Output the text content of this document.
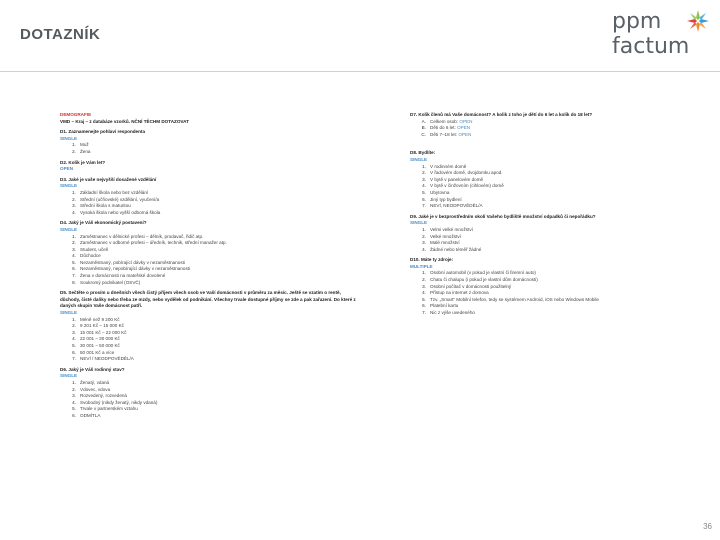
DOTAZNÍK
ppm
factum
DEMOGRAFIE
VMD – Kraj – z databáze vzorků. NČNÍ TĚCHM DOTAZOVAT
D1. Zaznamenejte pohlaví respondenta
SINGLE
1. Muž
2. Žena
D2. Kolik je Vám let?
OPEN
D3. Jaké je vaše nejvyšší dosažené vzdělání
SINGLE
1. Základní škola nebo bez vzdělání
2. Střední (učňovské) vzdělání, vyučení/a
3. Střední škola s maturitou
4. Vysoká škola nebo vyšší odborná škola
D4. Jaký je Váš ekonomický postavení?
SINGLE
1. Zaměstnanec v dělnické profesi – dělník, prodavač, řidič atp.
2. Zaměstnanec v odborné profesi – úředník, technik, střední manažer atp.
3. Student, učeň
4. Důchodce
5. Nezaměstnaný, pobírající dávky v nezaměstnanosti
6. Nezaměstnaný, nepobírající dávky v nezaměstnanosti
7. Žena v domácnosti na mateřské dovolené
8. Soukromý podnikatel (OSVČ)
D5. Sečtěte o prosím u dnešních všech čistý příjem všech osob ve Vaší domácnosti v průměru za měsíc. Ještě se vzatím o rentě, důchody, čisté daňky nebo třeba ze mzdy, nebo vydělek od podnikání. Všechny trvale dostupné příjmy se zde a pak zařazení. Do které z daných skupin Vaše domácnost patří.
SINGLE
1. Méně než 9 200 Kč
2. 9 201 Kč – 15 000 Kč
3. 15 001 Kč – 22 000 Kč
4. 22 001 – 30 000 Kč
5. 30 001 – 50 000 Kč
6. 50 001 Kč a více
7. NEVÍ / NEODPOVĚDĚL/A
D6. Jaký je Váš rodinný stav?
SINGLE
1. Ženatý, vdaná
2. Vdovec, vdova
3. Rozvedený, rozvedená
4. Svobodný (nikdy ženatý, nikdy vdaná)
5. Trvale v partnerském vztahu
6. ODMÍTLA
D7. Kolik členů má Vaše domácnost? A kolik z toho je dětí do 6 let a kolik do 18 let?
A. Celkem osob: OPEN
B. Děti do 6 let: OPEN
C. Děti 7–18 let: OPEN
D8. Bydlíte:
SINGLE
1. V rodinném domě
2. V řadovém domě, dvojdomku apod.
3. V bytě v panelovém domě
4. V bytě v činžovním (cihlovém) domě
5. Ubytovna
6. Jiný typ bydlení
7. NEVÍ, NEODPOVĚDĚL/A
D9. Jaké je v bezprostředním okolí Vašeho bydliště množství odpadků či nepořádku?
SINGLE
1. Velmi velké množství
2. Velké množství
3. Malé množství
4. Žádné nebo téměř žádné
D10. Máte ty zdroje:
MULTIPLE
1. Osobní automobil (v pokud je vlastní či firemní auto)
2. Chatu či chalupu (i pokud je vlastní dům domácnosti)
3. Osobní počítač v domácnosti použitelný
4. Přístup na internet z domova
5. Tzv. „Smart“ Mobilní telefon, tedy se systémem Android, iOS nebo Windows Mobile
6. Platební kartu
7. Nic z výše uvedeného
36
